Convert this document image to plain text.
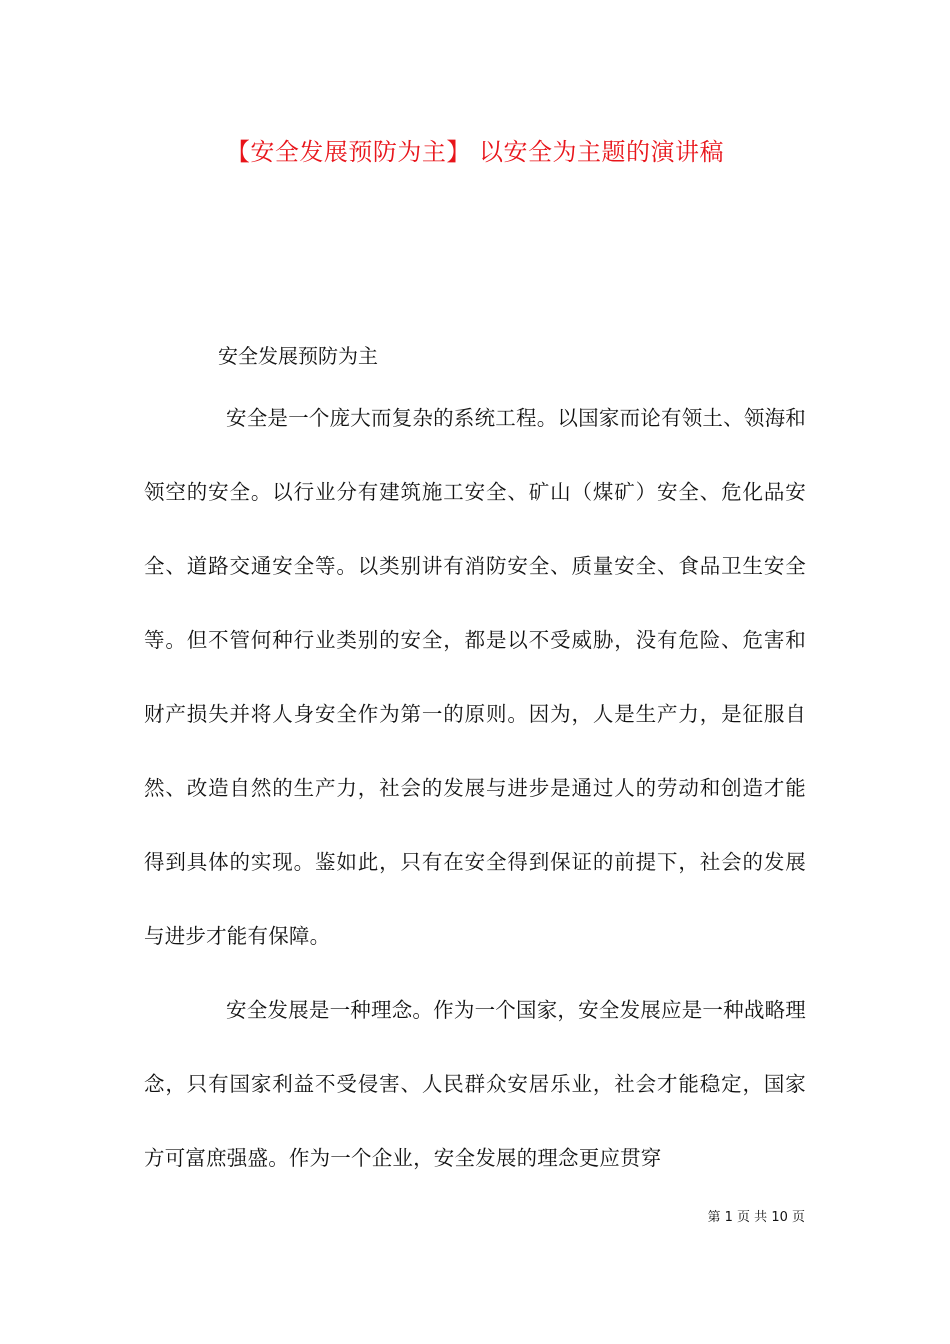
【安全发展预防为主】 以安全为主题的演讲稿
安全发展预防为主

安全是一个庞大而复杂的系统工程。以国家而论有领土、领海和领空的安全。以行业分有建筑施工安全、矿山（煤矿）安全、危化品安全、道路交通安全等。以类别讲有消防安全、质量安全、食品卫生安全等。但不管何种行业类别的安全，都是以不受威胁，没有危险、危害和财产损失并将人身安全作为第一的原则。因为，人是生产力，是征服自然、改造自然的生产力，社会的发展与进步是通过人的劳动和创造才能得到具体的实现。鉴如此，只有在安全得到保证的前提下，社会的发展与进步才能有保障。

安全发展是一种理念。作为一个国家，安全发展应是一种战略理念，只有国家利益不受侵害、人民群众安居乐业，社会才能稳定，国家方可富庶强盛。作为一个企业，安全发展的理念更应贯穿

第 1 页 共 10 页
